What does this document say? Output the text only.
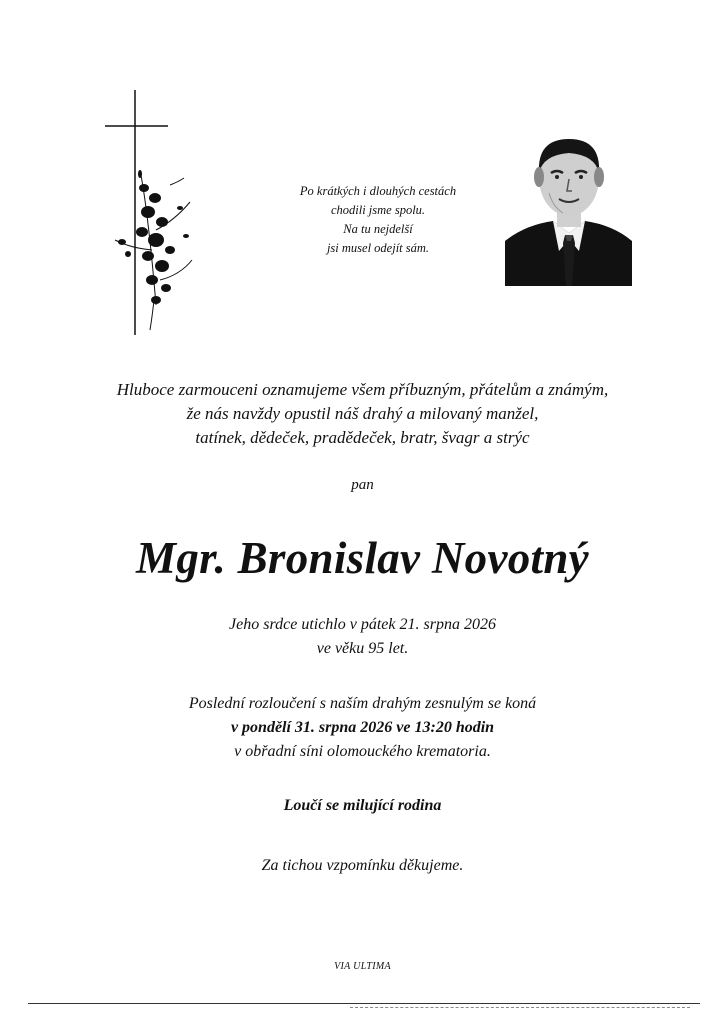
Po krátkých i dlouhých cestách
chodili jsme spolu.
Na tu nejdelší
jsi musel odejít sám.
Hluboce zarmouceni oznamujeme všem příbuzným, přátelům a známým,
že nás navždy opustil náš drahý a milovaný manžel,
tatínek, dědeček, pradědeček, bratr, švagr a strýc
pan
Mgr. Bronislav Novotný
Jeho srdce utichlo v pátek 21. srpna 2026
ve věku 95 let.
Poslední rozloučení s naším drahým zesnulým se koná
v pondělí 31. srpna 2026 ve 13:20 hodin
v obřadní síni olomouckého krematoria.
Loučí se milující rodina
Za tichou vzpomínku děkujeme.
VIA ULTIMA
